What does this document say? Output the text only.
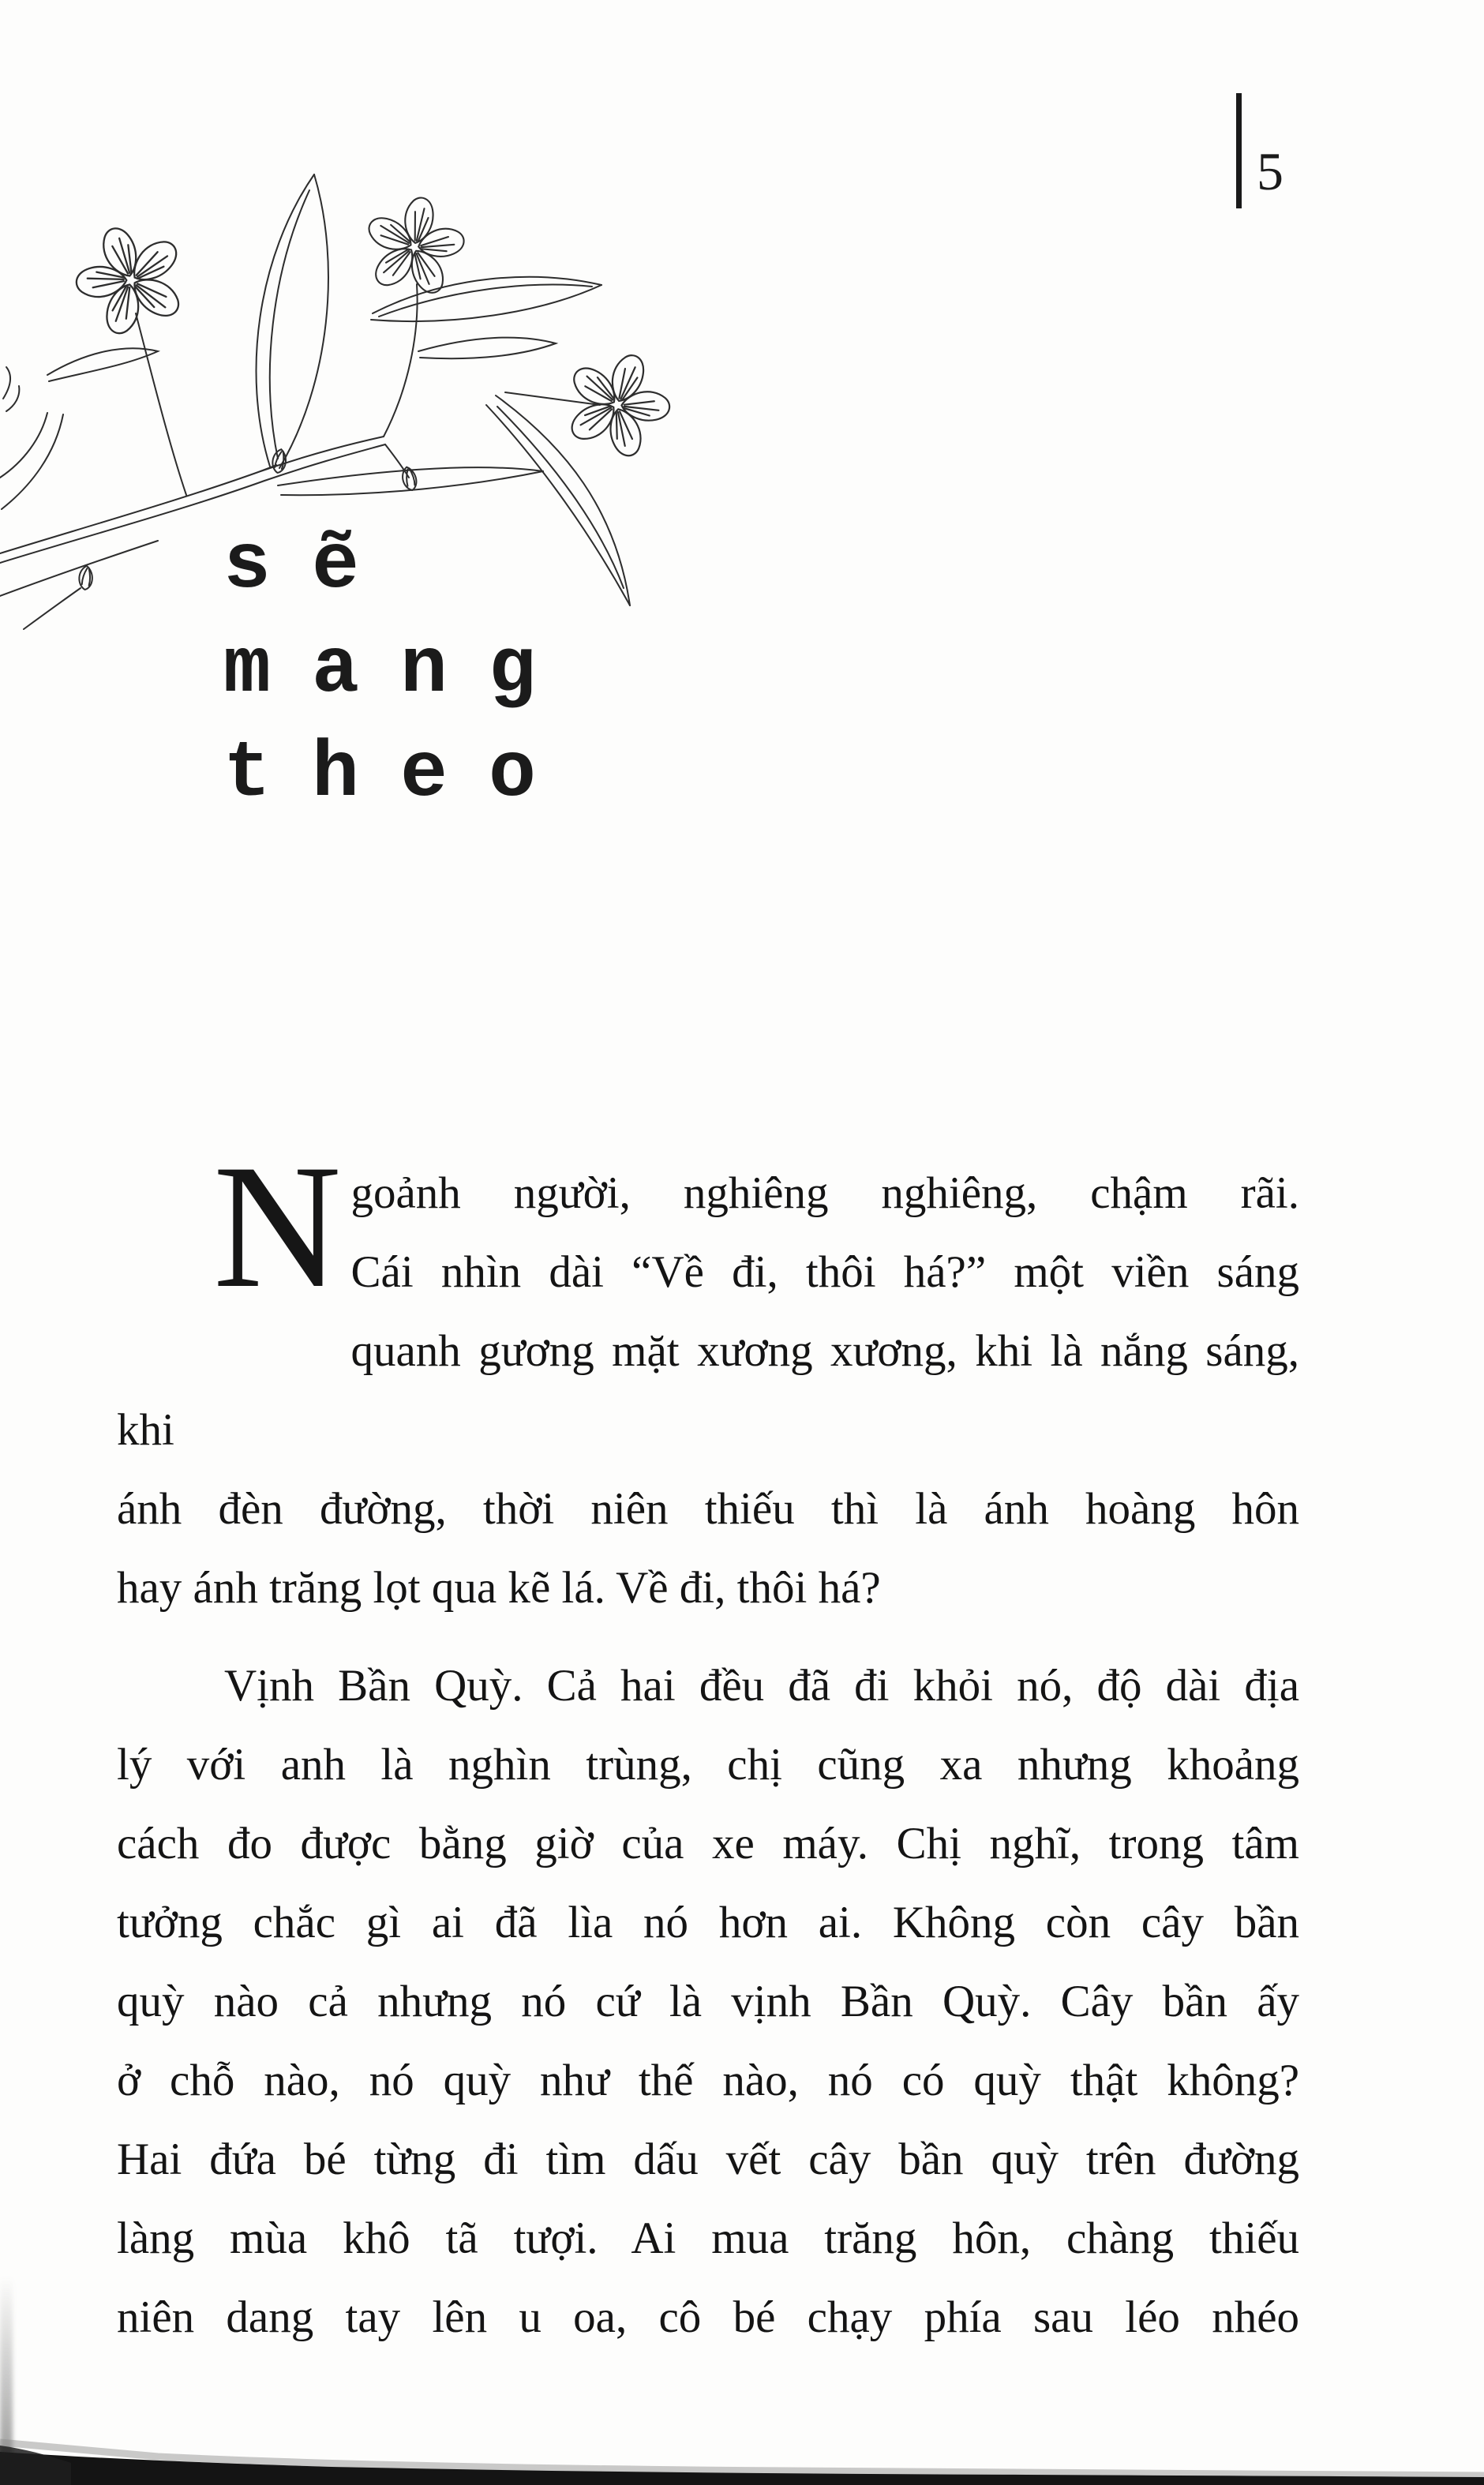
5
sẽ
mang
theo
N goảnh người, nghiêng nghiêng, chậm rãi.
Cái nhìn dài “Về đi, thôi há?” một viền sáng
quanh gương mặt xương xương, khi là nắng sáng, khi
ánh đèn đường, thời niên thiếu thì là ánh hoàng hôn
hay ánh trăng lọt qua kẽ lá. Về đi, thôi há?
Vịnh Bần Quỳ. Cả hai đều đã đi khỏi nó, độ dài địa
lý với anh là nghìn trùng, chị cũng xa nhưng khoảng
cách đo được bằng giờ của xe máy. Chị nghĩ, trong tâm
tưởng chắc gì ai đã lìa nó hơn ai. Không còn cây bần
quỳ nào cả nhưng nó cứ là vịnh Bần Quỳ. Cây bần ấy
ở chỗ nào, nó quỳ như thế nào, nó có quỳ thật không?
Hai đứa bé từng đi tìm dấu vết cây bần quỳ trên đường
làng mùa khô tã tượi. Ai mua trăng hôn, chàng thiếu
niên dang tay lên u oa, cô bé chạy phía sau léo nhéo
